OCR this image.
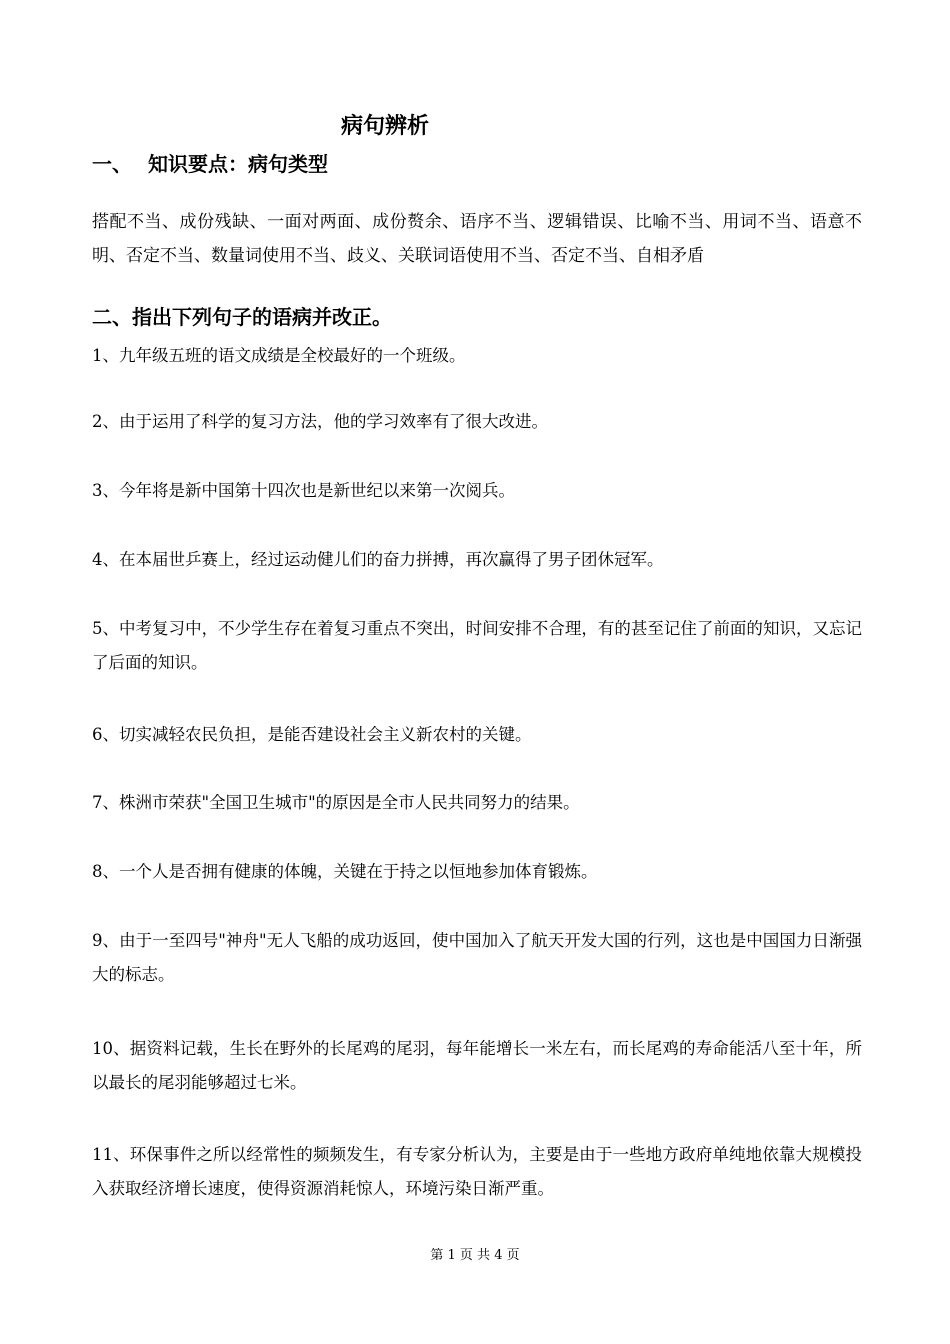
病句辨析
一、 知识要点：病句类型
搭配不当、成份残缺、一面对两面、成份赘余、语序不当、逻辑错误、比喻不当、用词不当、语意不明、否定不当、数量词使用不当、歧义、关联词语使用不当、否定不当、自相矛盾
二、指出下列句子的语病并改正。
1、九年级五班的语文成绩是全校最好的一个班级。
2、由于运用了科学的复习方法，他的学习效率有了很大改进。
3、今年将是新中国第十四次也是新世纪以来第一次阅兵。
4、在本届世乒赛上，经过运动健儿们的奋力拼搏，再次赢得了男子团休冠军。
5、中考复习中，不少学生存在着复习重点不突出，时间安排不合理，有的甚至记住了前面的知识，又忘记了后面的知识。
6、切实减轻农民负担，是能否建设社会主义新农村的关键。
7、株洲市荣获"全国卫生城市"的原因是全市人民共同努力的结果。
8、一个人是否拥有健康的体魄，关键在于持之以恒地参加体育锻炼。
9、由于一至四号"神舟"无人飞船的成功返回，使中国加入了航天开发大国的行列，这也是中国国力日渐强大的标志。
10、据资料记载，生长在野外的长尾鸡的尾羽，每年能增长一米左右，而长尾鸡的寿命能活八至十年，所以最长的尾羽能够超过七米。
11、环保事件之所以经常性的频频发生，有专家分析认为，主要是由于一些地方政府单纯地依靠大规模投入获取经济增长速度，使得资源消耗惊人，环境污染日渐严重。
第 1 页 共 4 页
